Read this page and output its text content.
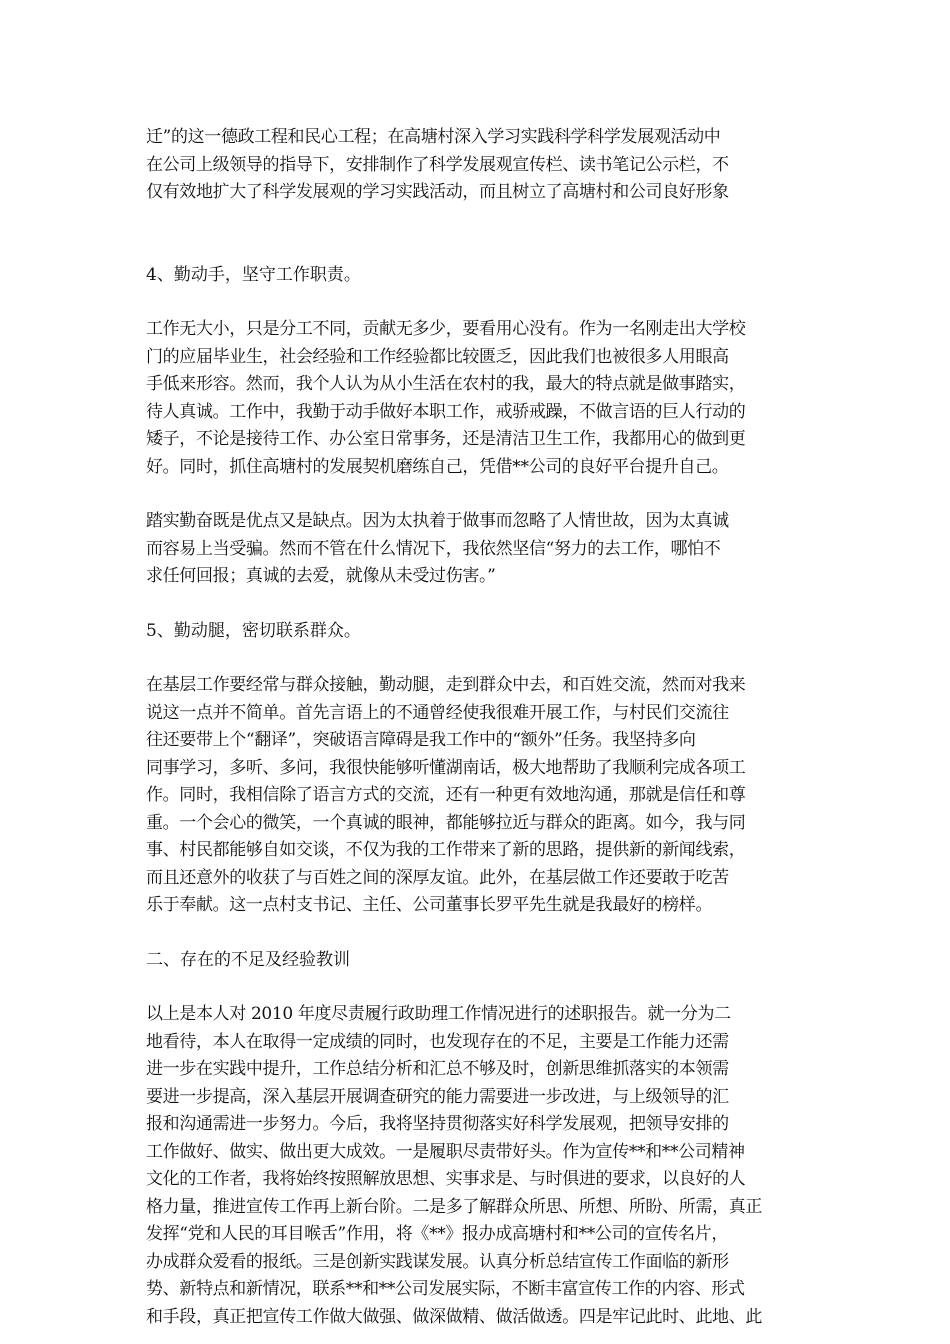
迁”的这一德政工程和民心工程；在高塘村深入学习实践科学科学发展观活动中
在公司上级领导的指导下，安排制作了科学发展观宣传栏、读书笔记公示栏，不
仅有效地扩大了科学发展观的学习实践活动，而且树立了高塘村和公司良好形象

4、勤动手，坚守工作职责。

工作无大小，只是分工不同，贡献无多少，要看用心没有。作为一名刚走出大学校
门的应届毕业生，社会经验和工作经验都比较匮乏，因此我们也被很多人用眼高
手低来形容。然而，我个人认为从小生活在农村的我，最大的特点就是做事踏实，
待人真诚。工作中，我勤于动手做好本职工作，戒骄戒躁，不做言语的巨人行动的
矮子，不论是接待工作、办公室日常事务，还是清洁卫生工作，我都用心的做到更
好。同时，抓住高塘村的发展契机磨练自己，凭借**公司的良好平台提升自己。

踏实勤奋既是优点又是缺点。因为太执着于做事而忽略了人情世故，因为太真诚
而容易上当受骗。然而不管在什么情况下，我依然坚信“努力的去工作，哪怕不
求任何回报；真诚的去爱，就像从未受过伤害。”

5、勤动腿，密切联系群众。

在基层工作要经常与群众接触，勤动腿，走到群众中去，和百姓交流，然而对我来
说这一点并不简单。首先言语上的不通曾经使我很难开展工作，与村民们交流往
往还要带上个“翻译”，突破语言障碍是我工作中的“额外”任务。我坚持多向
同事学习，多听、多问，我很快能够听懂湖南话，极大地帮助了我顺利完成各项工
作。同时，我相信除了语言方式的交流，还有一种更有效地沟通，那就是信任和尊
重。一个会心的微笑，一个真诚的眼神，都能够拉近与群众的距离。如今，我与同
事、村民都能够自如交谈，不仅为我的工作带来了新的思路，提供新的新闻线索，
而且还意外的收获了与百姓之间的深厚友谊。此外，在基层做工作还要敢于吃苦
乐于奉献。这一点村支书记、主任、公司董事长罗平先生就是我最好的榜样。

二、存在的不足及经验教训

以上是本人对 2010 年度尽责履行政助理工作情况进行的述职报告。就一分为二
地看待，本人在取得一定成绩的同时，也发现存在的不足，主要是工作能力还需
进一步在实践中提升，工作总结分析和汇总不够及时，创新思维抓落实的本领需
要进一步提高，深入基层开展调查研究的能力需要进一步改进，与上级领导的汇
报和沟通需进一步努力。今后，我将坚持贯彻落实好科学发展观，把领导安排的
工作做好、做实、做出更大成效。一是履职尽责带好头。作为宣传**和**公司精神
文化的工作者，我将始终按照解放思想、实事求是、与时俱进的要求，以良好的人
格力量，推进宣传工作再上新台阶。二是多了解群众所思、所想、所盼、所需，真正
发挥“党和人民的耳目喉舌”作用，将《**》报办成高塘村和**公司的宣传名片，
办成群众爱看的报纸。三是创新实践谋发展。认真分析总结宣传工作面临的新形
势、新特点和新情况，联系**和**公司发展实际，不断丰富宣传工作的内容、形式
和手段，真正把宣传工作做大做强、做深做精、做活做透。四是牢记此时、此地、此
